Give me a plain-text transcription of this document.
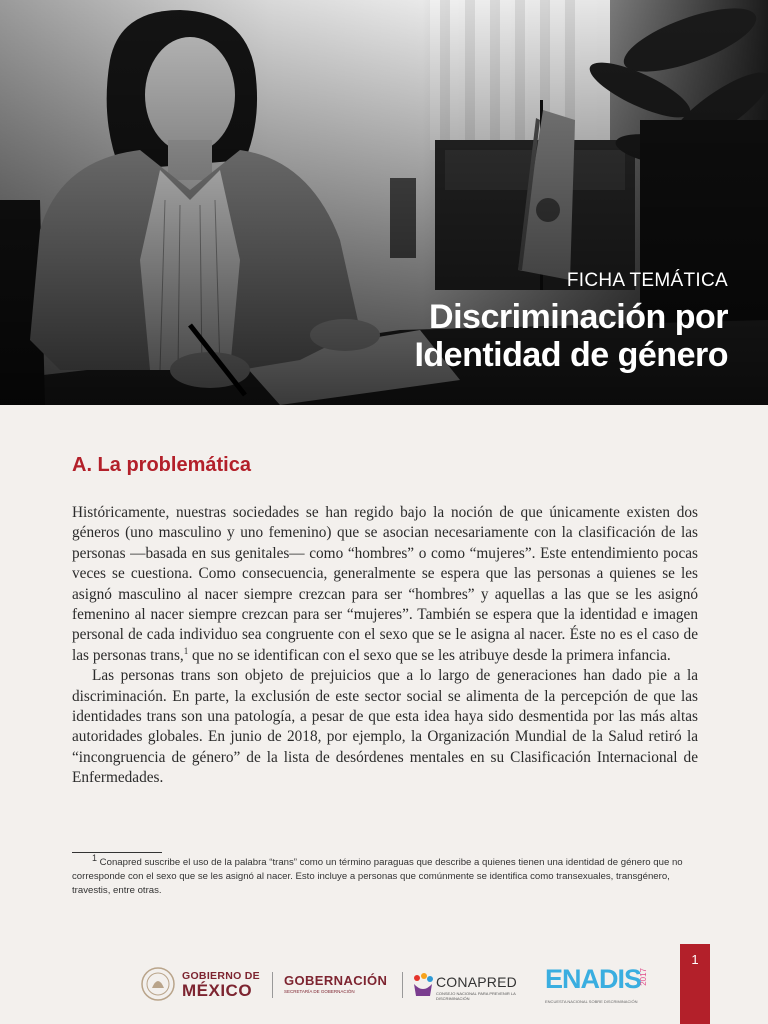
FICHA TEMÁTICA
Discriminación por
Identidad de género
A. La problemática

Históricamente, nuestras sociedades se han regido bajo la noción de que únicamente existen dos géneros (uno masculino y uno femenino) que se asocian necesariamente con la clasificación de las personas —basada en sus genitales— como “hombres” o como “mujeres”. Este entendimiento pocas veces se cuestiona. Como consecuencia, generalmente se espera que las personas a quienes se les asignó masculino al nacer siempre crezcan para ser “hombres” y aquellas a las que se les asignó femenino al nacer siempre crezcan para ser “mujeres”. También se espera que la identidad e imagen personal de cada individuo sea congruente con el sexo que se le asigna al nacer. Éste no es el caso de las personas trans,$^1$ que no se identifican con el sexo que se les atribuye desde la primera infancia.

Las personas trans son objeto de prejuicios que a lo largo de generaciones han dado pie a la discriminación. En parte, la exclusión de este sector social se alimenta de la percepción de que las identidades trans son una patología, a pesar de que esta idea haya sido desmentida por las más altas autoridades globales. En junio de 2018, por ejemplo, la Organización Mundial de la Salud retiró la “incongruencia de género” de la lista de desórdenes mentales en su Clasificación Internacional de Enfermedades.

$^1$ Conapred suscribe el uso de la palabra “trans” como un término paraguas que describe a quienes tienen una identidad de género que no corresponde con el sexo que se les asignó al nacer. Esto incluye a personas que comúnmente se identifica como transexuales, transgénero, travestis, entre otras.
GOBIERNO DE
MÉXICO
GOBERNACIÓN
SECRETARÍA DE GOBERNACIÓN
CONAPRED
CONSEJO NACIONAL PARA PREVENIR LA DISCRIMINACIÓN
ENADIS
2017
ENCUESTA NACIONAL SOBRE DISCRIMINACIÓN
1
